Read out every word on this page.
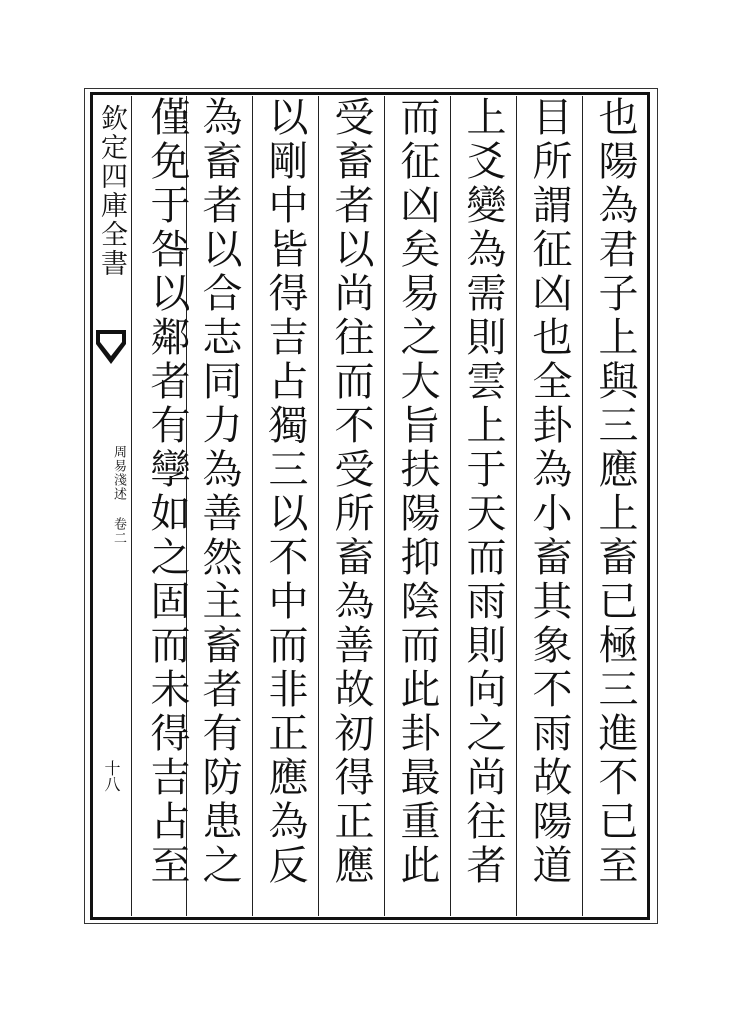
欽定四庫全書
周易淺述 卷二
十八
也陽為君子上與三應上畜已極三進不已至
目所謂征凶也全卦為小畜其象不雨故陽道
上爻變為需則雲上于天而雨則向之尚往者
而征凶矣易之大旨扶陽抑陰而此卦最重此
受畜者以尚往而不受所畜為善故初得正應
以剛中皆得吉占獨三以不中而非正應為反
為畜者以合志同力為善然主畜者有防患之
僅免于咎以鄰者有孿如之固而未得吉占至
